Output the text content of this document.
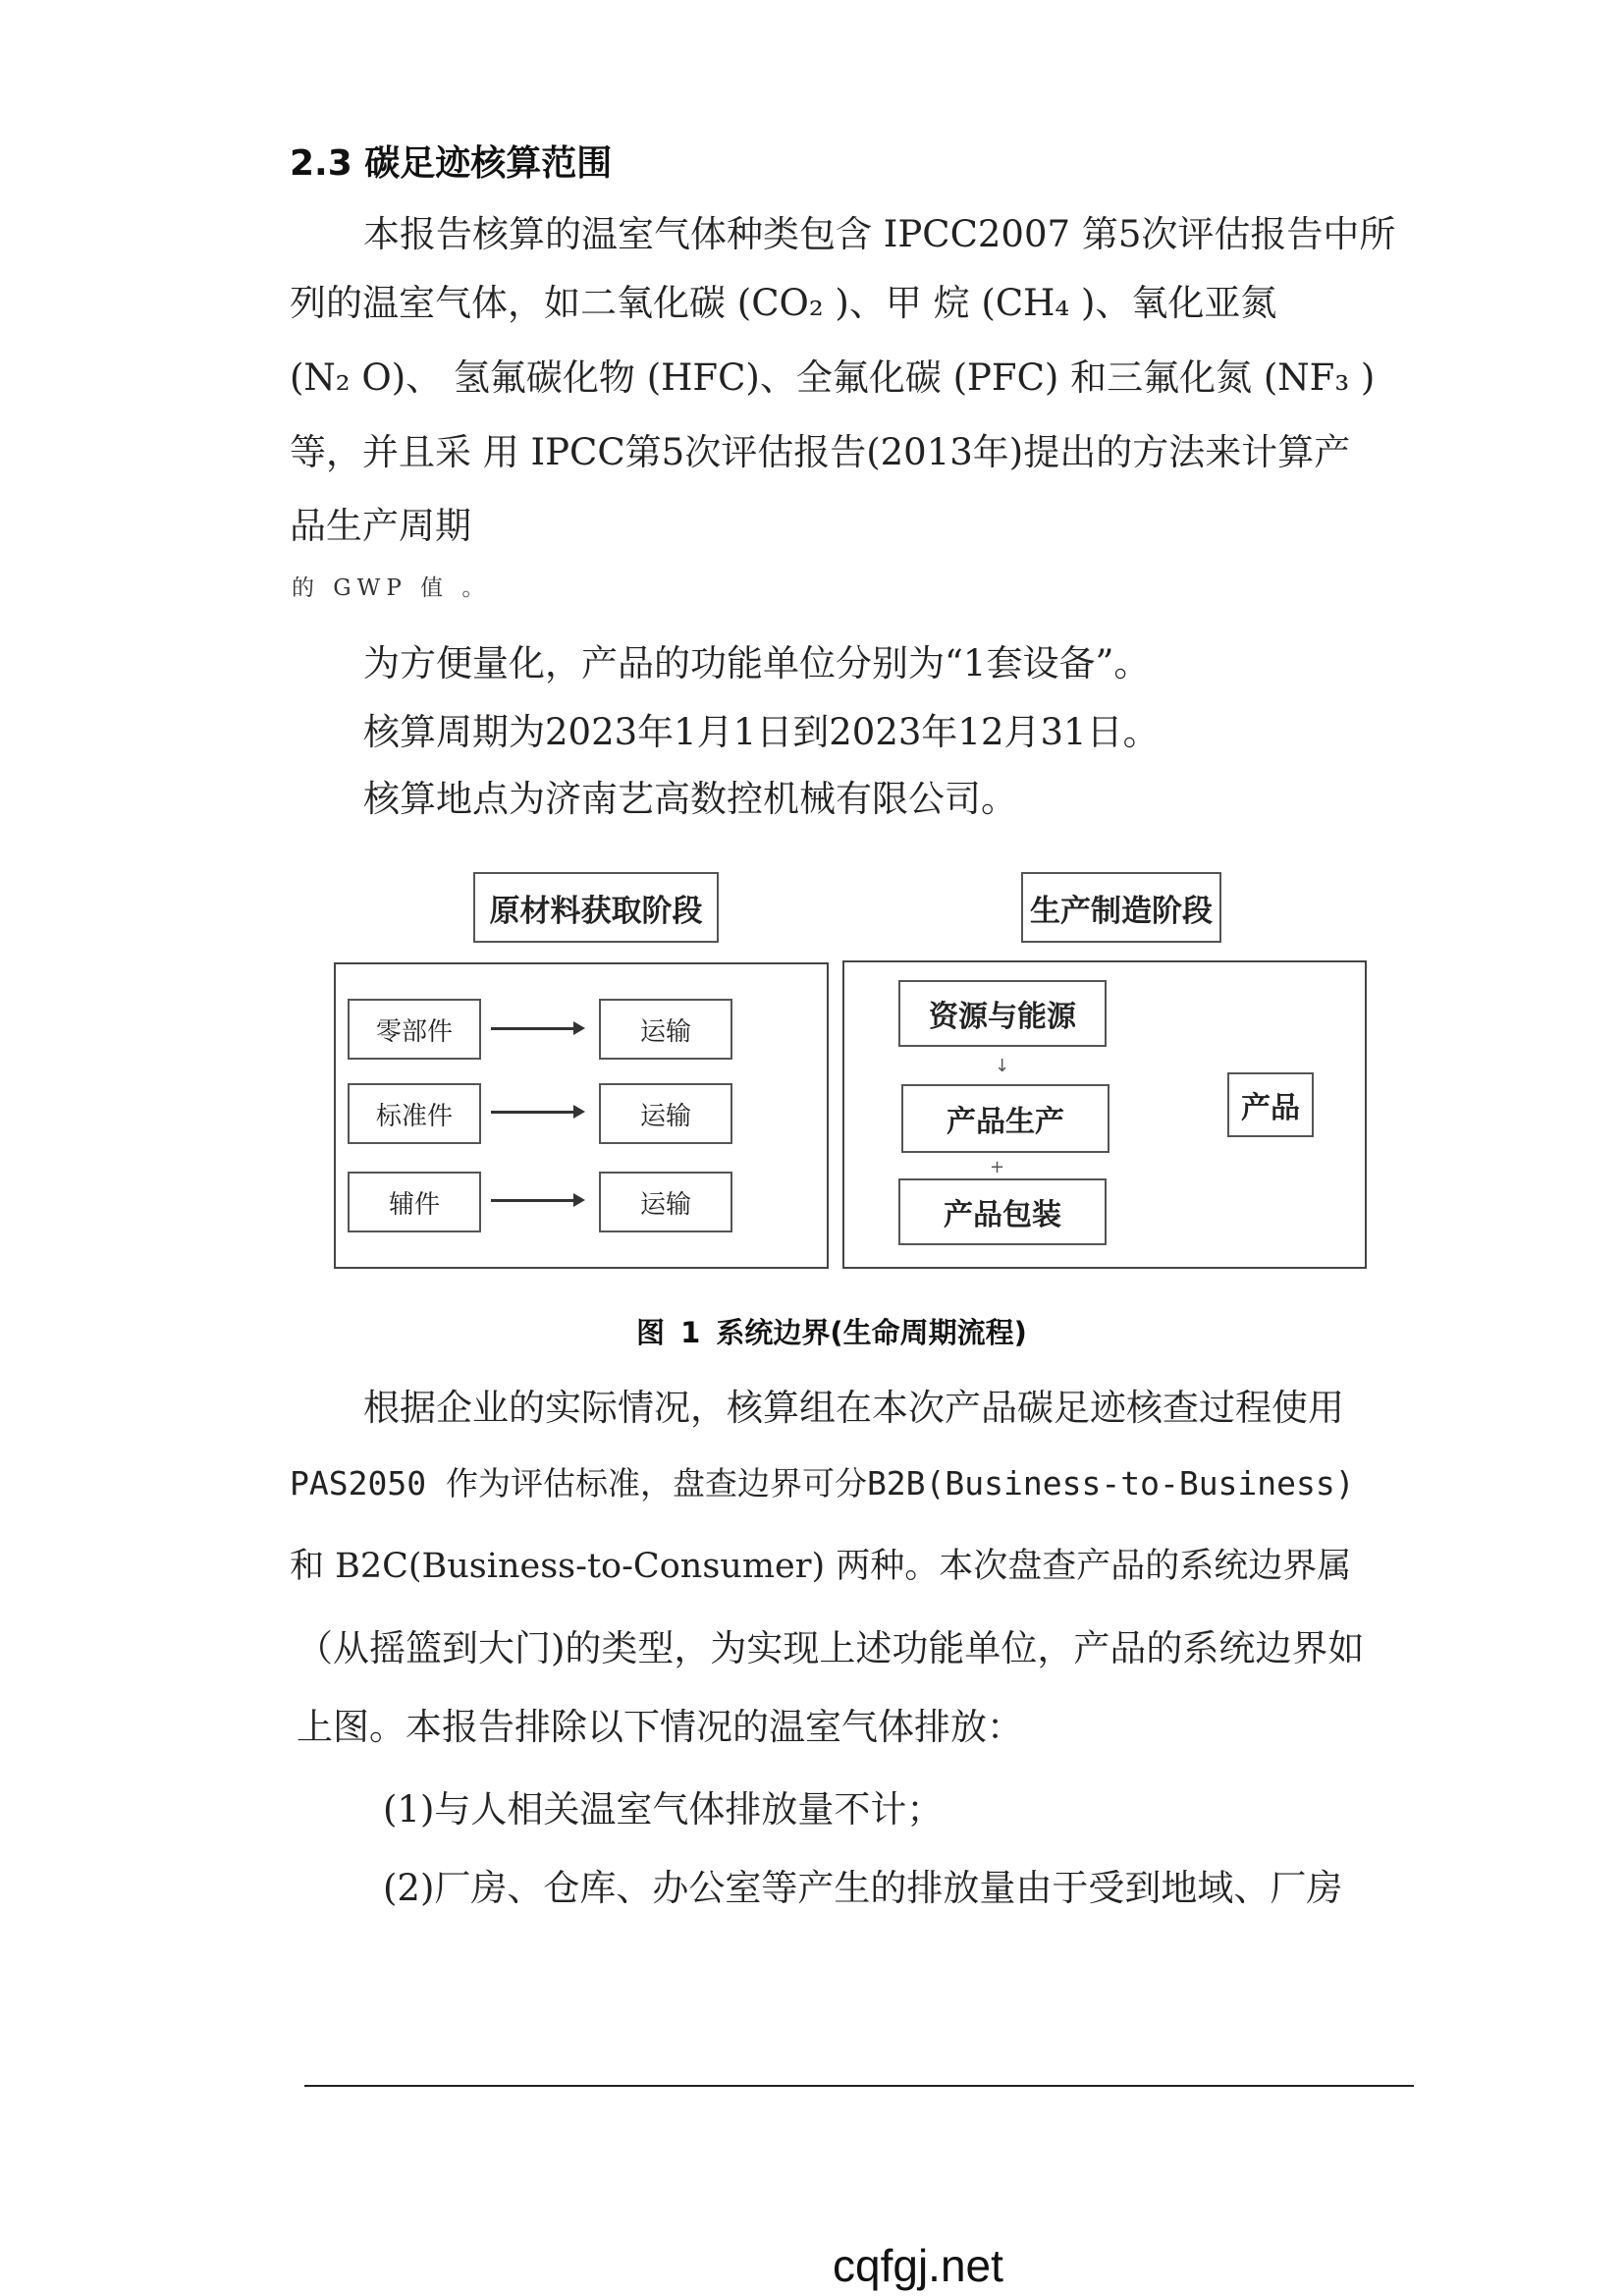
2.3 碳足迹核算范围
本报告核算的温室气体种类包含 IPCC2007 第5次评估报告中所
列的温室气体，如二氧化碳 (CO₂ )、甲 烷 (CH₄ )、氧化亚氮
(N₂ O)、 氢氟碳化物 (HFC)、全氟化碳 (PFC) 和三氟化氮 (NF₃ )
等，并且采 用 IPCC第5次评估报告(2013年)提出的方法来计算产
品生产周期
的 GWP 值 。
为方便量化，产品的功能单位分别为“1套设备”。
核算周期为2023年1月1日到2023年12月31日。
核算地点为济南艺高数控机械有限公司。
原材料获取阶段	生产制造阶段
零部件	运输
标准件	运输
辅件	运输
资源与能源
↓
产品生产
+
产品包装
产品
图 1 系统边界(生命周期流程)
根据企业的实际情况，核算组在本次产品碳足迹核查过程使用
PAS2050 作为评估标准，盘查边界可分B2B(Business-to-Business)
和 B2C(Business-to-Consumer) 两种。本次盘查产品的系统边界属
（从摇篮到大门)的类型，为实现上述功能单位，产品的系统边界如
上图。本报告排除以下情况的温室气体排放：
(1)与人相关温室气体排放量不计；
(2)厂房、仓库、办公室等产生的排放量由于受到地域、厂房
cqfgj.net
